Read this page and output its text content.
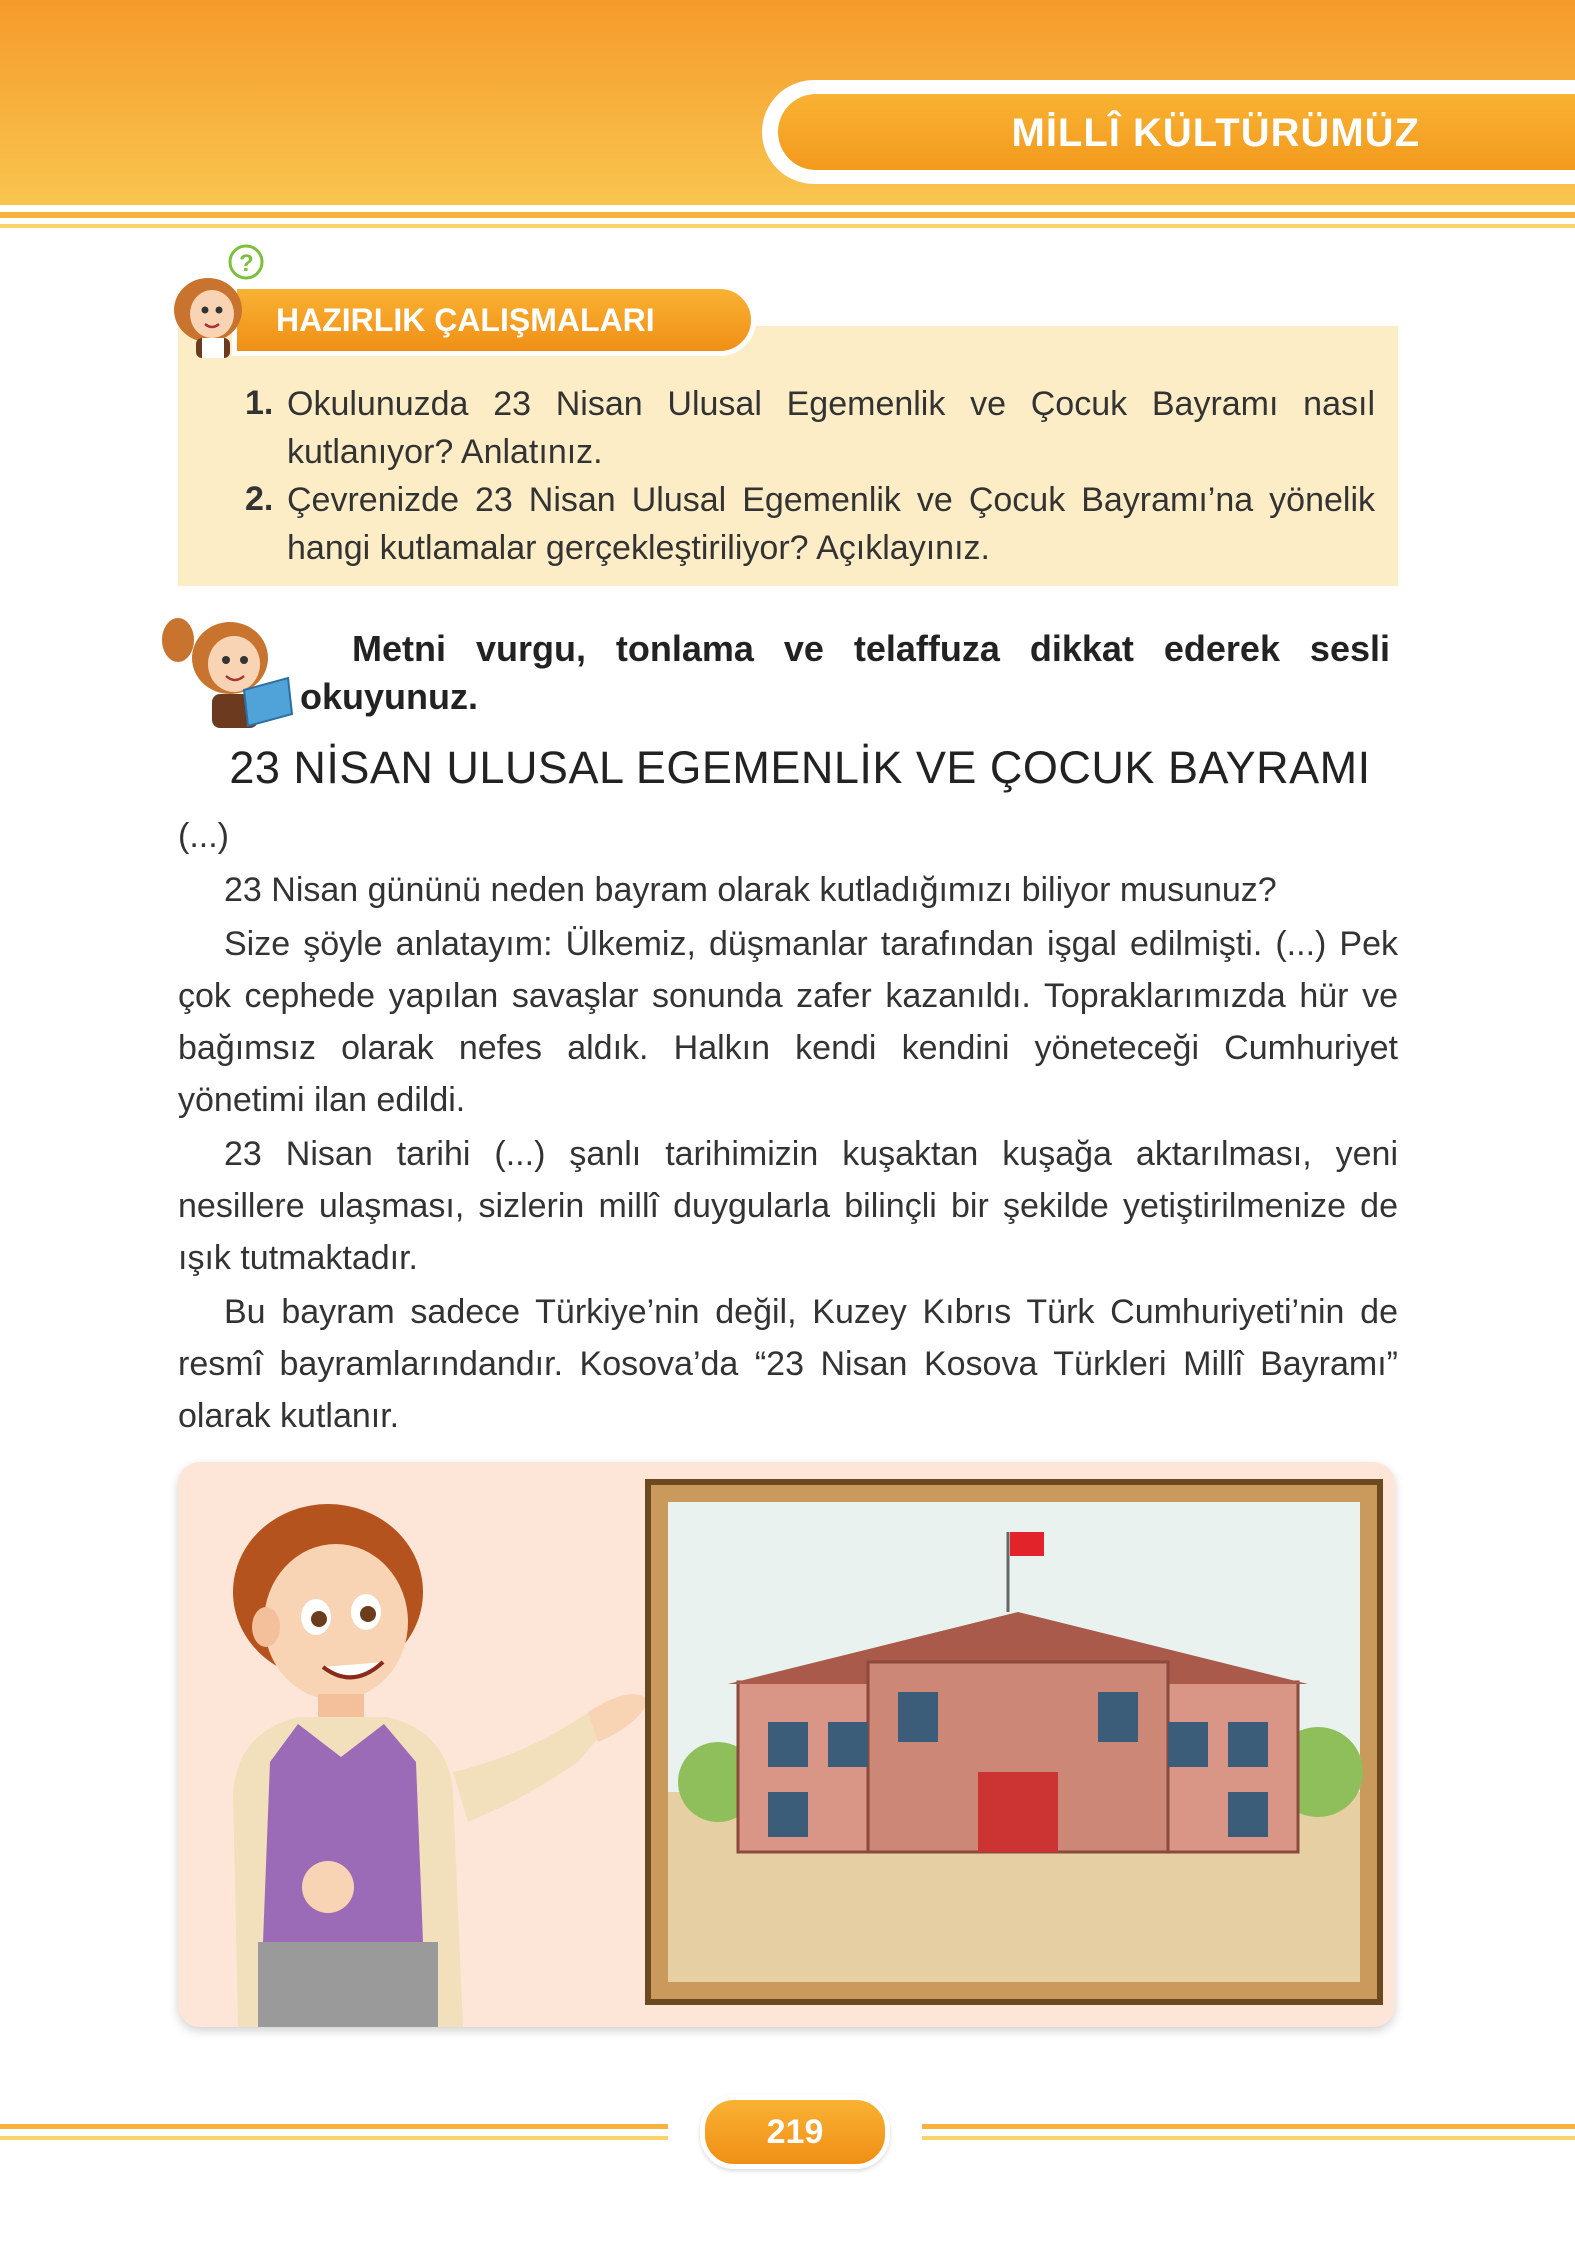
MİLLÎ KÜLTÜRÜMÜZ
HAZIRLIK ÇALIŞMALARI
?
1. Okulunuzda 23 Nisan Ulusal Egemenlik ve Çocuk Bayramı nasıl kutlanıyor? Anlatınız.
2. Çevrenizde 23 Nisan Ulusal Egemenlik ve Çocuk Bayramı’na yönelik hangi kutlamalar gerçekleştiriliyor? Açıklayınız.
Metni vurgu, tonlama ve telaffuza dikkat ederek sesli okuyunuz.
23 NİSAN ULUSAL EGEMENLİK VE ÇOCUK BAYRAMI
(...)
23 Nisan gününü neden bayram olarak kutladığımızı biliyor musunuz?
Size şöyle anlatayım: Ülkemiz, düşmanlar tarafından işgal edilmişti. (...) Pek çok cephede yapılan savaşlar sonunda zafer kazanıldı. Topraklarımızda hür ve bağımsız olarak nefes aldık. Halkın kendi kendini yöneteceği Cumhuriyet yönetimi ilan edildi.
23 Nisan tarihi (...) şanlı tarihimizin kuşaktan kuşağa aktarılması, yeni nesillere ulaşması, sizlerin millî duygularla bilinçli bir şekilde yetiştirilmenize de ışık tutmaktadır.
Bu bayram sadece Türkiye’nin değil, Kuzey Kıbrıs Türk Cumhuriyeti’nin de resmî bayramlarındandır. Kosova’da “23 Nisan Kosova Türkleri Millî Bayramı” olarak kutlanır.
219
